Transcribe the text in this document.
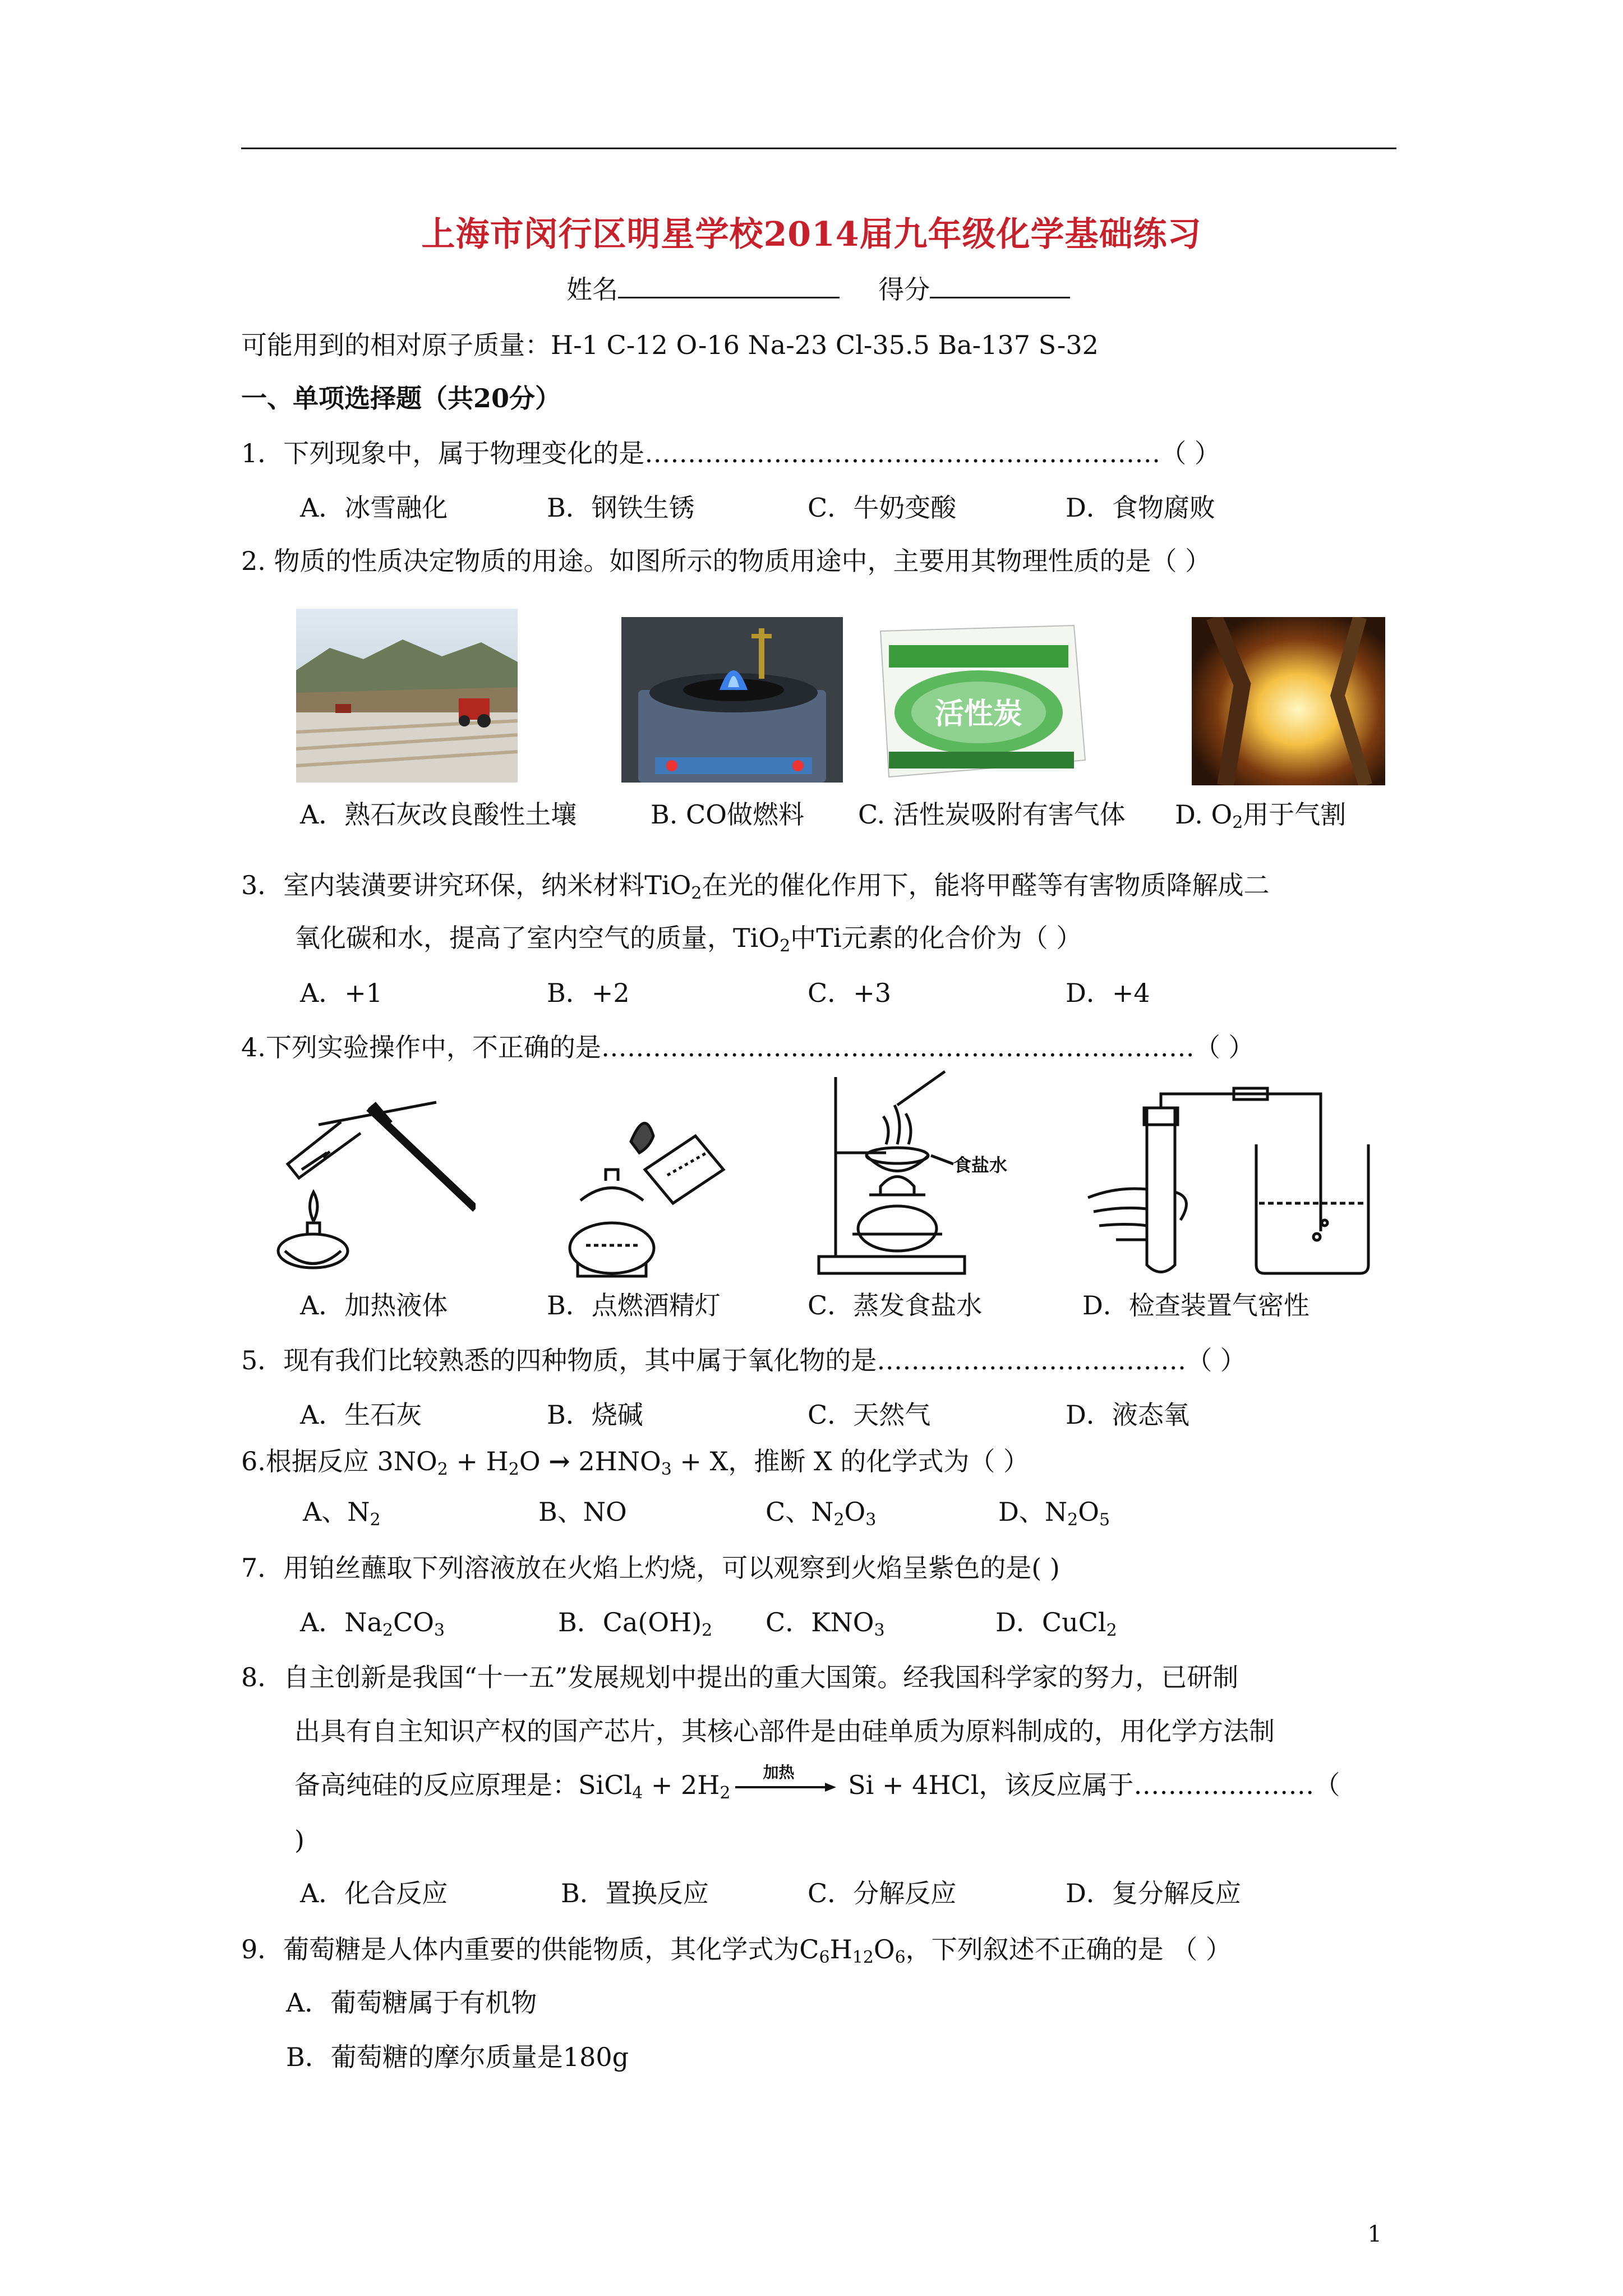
上海市闵行区明星学校2014届九年级化学基础练习
姓名	得分
可能用到的相对原子质量：H-1 C-12 O-16 Na-23 Cl-35.5 Ba-137 S-32
一、单项选择题（共20分）
1．下列现象中，属于物理变化的是……………………………………………………（ ）
A．冰雪融化	B．钢铁生锈	C．牛奶变酸	D．食物腐败
2. 物质的性质决定物质的用途。如图所示的物质用途中，主要用其物理性质的是（ ）
活性炭
A．熟石灰改良酸性土壤	B. CO做燃料 C. 活性炭吸附有害气体 D. $O_2$用于气割
3．室内装潢要讲究环保，纳米材料TiO$_2$在光的催化作用下，能将甲醛等有害物质降解成二
氧化碳和水，提高了室内空气的质量，TiO$_2$中Ti元素的化合价为（ ）
A．+1	B．+2	C．+3	D．+4
4.下列实验操作中，不正确的是……………………………………………………………（ ）
食盐水
A．加热液体	B．点燃酒精灯	C．蒸发食盐水	D．检查装置气密性
5．现有我们比较熟悉的四种物质，其中属于氧化物的是………………………………（ ）
A．生石灰	B．烧碱	C．天然气	D．液态氧
6.根据反应 $3NO_2 + H_2O \to 2HNO_3 + X$，推断 X 的化学式为（ ）
A、$N_2$	B、NO	C、$N_2O_3$	D、$N_2O_5$
7．用铂丝蘸取下列溶液放在火焰上灼烧，可以观察到火焰呈紫色的是( )
A．$Na_2CO_3$	B．$Ca(OH)_2$ C．$KNO_3$	D．CuCl$_2$
8．自主创新是我国“十一五”发展规划中提出的重大国策。经我国科学家的努力，已研制
出具有自主知识产权的国产芯片，其核心部件是由硅单质为原料制成的，用化学方法制
备高纯硅的反应原理是：SiCl$_4$ + $2H_2$
加热 Si + 4HCl，该反应属于…………………（
)
A．化合反应	B．置换反应	C．分解反应	D．复分解反应
9．葡萄糖是人体内重要的供能物质，其化学式为$C_6H_{12}O_6$，下列叙述不正确的是 （ ）
A．葡萄糖属于有机物
B．葡萄糖的摩尔质量是180g
1
